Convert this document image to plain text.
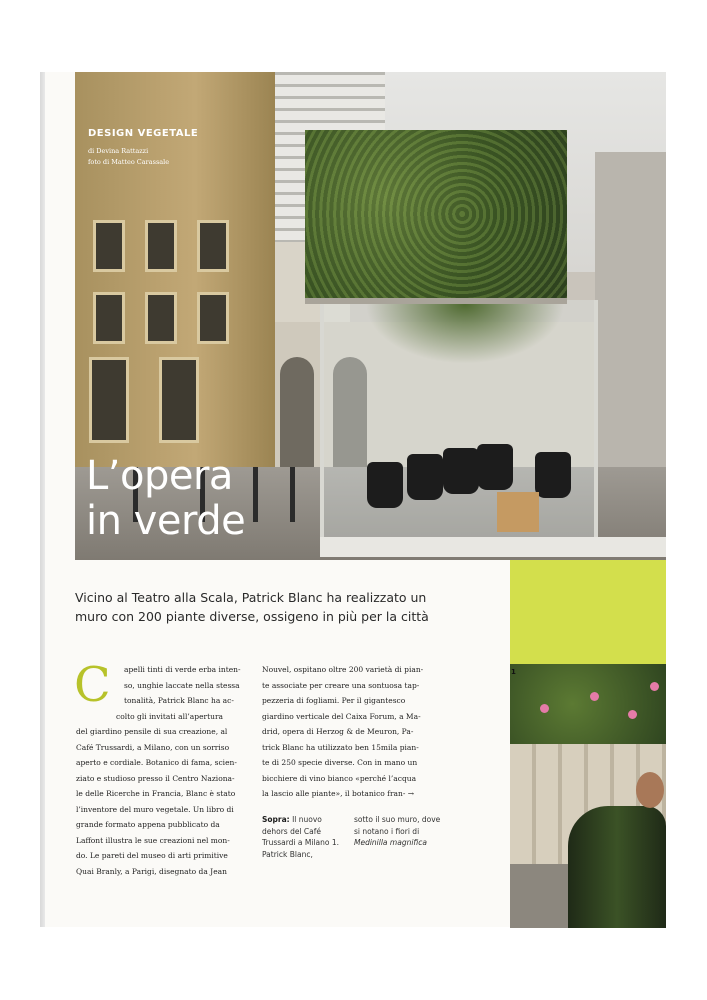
DESIGN VEGETALE
di Devina Rattazzi
foto di Matteo Carassale
L’opera
in verde
Vicino al Teatro alla Scala, Patrick Blanc ha realizzato un
muro con 200 piante diverse, ossigeno in più per la città
C	apelli tinti di verde erba inten-
so, unghie laccate nella stessa
tonalità, Patrick Blanc ha ac-
colto gli invitati all’apertura
del giardino pensile di sua creazione, al
Café Trussardi, a Milano, con un sorriso
aperto e cordiale. Botanico di fama, scien-
ziato e studioso presso il Centro Naziona-
le delle Ricerche in Francia, Blanc è stato
l’inventore del muro vegetale. Un libro di
grande formato appena pubblicato da
Laffont illustra le sue creazioni nel mon-
do. Le pareti del museo di arti primitive
Quai Branly, a Parigi, disegnato da Jean
Nouvel, ospitano oltre 200 varietà di pian-
te associate per creare una sontuosa tap-
pezzeria di fogliami. Per il gigantesco
giardino verticale del Caixa Forum, a Ma-
drid, opera di Herzog & de Meuron, Pa-
trick Blanc ha utilizzato ben 15mila pian-
te di 250 specie diverse. Con in mano un
bicchiere di vino bianco «perché l’acqua
la lascio alle piante», il botanico fran- →
Sopra: Il nuovo dehors del Café Trussardi a Milano 1. Patrick Blanc,
sotto il suo muro, dove si notano i fiori di Medinilla magnifica
1
